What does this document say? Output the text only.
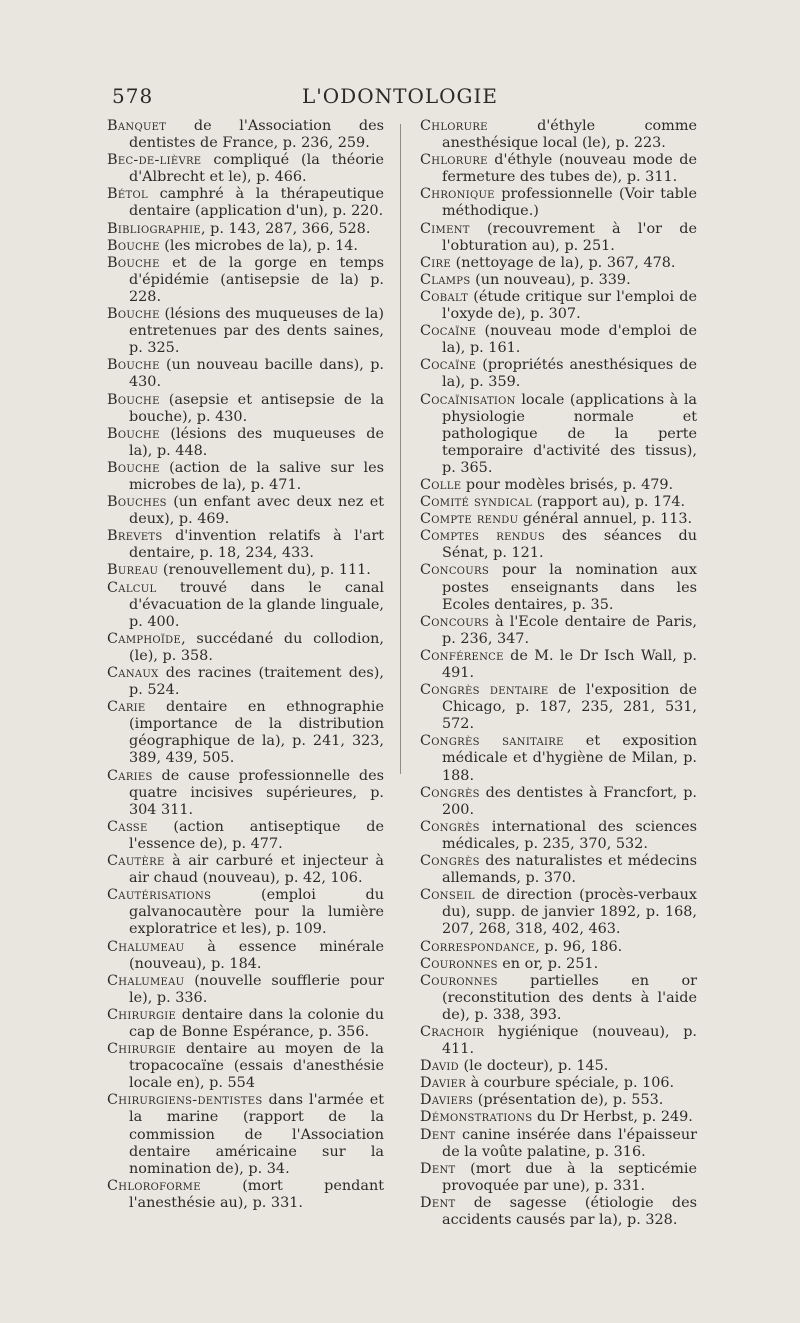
578	L'ODONTOLOGIE
Banquet de l'Association des dentistes de France, p. 236, 259.
Bec-de-lièvre compliqué (la théorie d'Albrecht et le), p. 466.
Bétol camphré à la thérapeutique dentaire (application d'un), p. 220.
Bibliographie, p. 143, 287, 366, 528.
Bouche (les microbes de la), p. 14.
Bouche et de la gorge en temps d'épidémie (antisepsie de la) p. 228.
Bouche (lésions des muqueuses de la) entretenues par des dents saines, p. 325.
Bouche (un nouveau bacille dans), p. 430.
Bouche (asepsie et antisepsie de la bouche), p. 430.
Bouche (lésions des muqueuses de la), p. 448.
Bouche (action de la salive sur les microbes de la), p. 471.
Bouches (un enfant avec deux nez et deux), p. 469.
Brevets d'invention relatifs à l'art dentaire, p. 18, 234, 433.
Bureau (renouvellement du), p. 111.
Calcul trouvé dans le canal d'évacuation de la glande linguale, p. 400.
Camphoïde, succédané du collodion, (le), p. 358.
Canaux des racines (traitement des), p. 524.
Carie dentaire en ethnographie (importance de la distribution géographique de la), p. 241, 323, 389, 439, 505.
Caries de cause professionnelle des quatre incisives supérieures, p. 304 311.
Casse (action antiseptique de l'essence de), p. 477.
Cautère à air carburé et injecteur à air chaud (nouveau), p. 42, 106.
Cautérisations (emploi du galvanocautère pour la lumière exploratrice et les), p. 109.
Chalumeau à essence minérale (nouveau), p. 184.
Chalumeau (nouvelle soufflerie pour le), p. 336.
Chirurgie dentaire dans la colonie du cap de Bonne Espérance, p. 356.
Chirurgie dentaire au moyen de la tropacocaïne (essais d'anesthésie locale en), p. 554
Chirurgiens-dentistes dans l'armée et la marine (rapport de la commission de l'Association dentaire américaine sur la nomination de), p. 34.
Chloroforme (mort pendant l'anesthésie au), p. 331.
Chlorure d'éthyle comme anesthésique local (le), p. 223.
Chlorure d'éthyle (nouveau mode de fermeture des tubes de), p. 311.
Chronique professionnelle (Voir table méthodique.)
Ciment (recouvrement à l'or de l'obturation au), p. 251.
Cire (nettoyage de la), p. 367, 478.
Clamps (un nouveau), p. 339.
Cobalt (étude critique sur l'emploi de l'oxyde de), p. 307.
Cocaïne (nouveau mode d'emploi de la), p. 161.
Cocaïne (propriétés anesthésiques de la), p. 359.
Cocaïnisation locale (applications à la physiologie normale et pathologique de la perte temporaire d'activité des tissus), p. 365.
Colle pour modèles brisés, p. 479.
Comité syndical (rapport au), p. 174.
Compte rendu général annuel, p. 113.
Comptes rendus des séances du Sénat, p. 121.
Concours pour la nomination aux postes enseignants dans les Ecoles dentaires, p. 35.
Concours à l'Ecole dentaire de Paris, p. 236, 347.
Conférence de M. le Dr Isch Wall, p. 491.
Congrès dentaire de l'exposition de Chicago, p. 187, 235, 281, 531, 572.
Congrès sanitaire et exposition médicale et d'hygiène de Milan, p. 188.
Congrès des dentistes à Francfort, p. 200.
Congrès international des sciences médicales, p. 235, 370, 532.
Congrès des naturalistes et médecins allemands, p. 370.
Conseil de direction (procès-verbaux du), supp. de janvier 1892, p. 168, 207, 268, 318, 402, 463.
Correspondance, p. 96, 186.
Couronnes en or, p. 251.
Couronnes partielles en or (reconstitution des dents à l'aide de), p. 338, 393.
Crachoir hygiénique (nouveau), p. 411.
David (le docteur), p. 145.
Davier à courbure spéciale, p. 106.
Daviers (présentation de), p. 553.
Démonstrations du Dr Herbst, p. 249.
Dent canine insérée dans l'épaisseur de la voûte palatine, p. 316.
Dent (mort due à la septicémie provoquée par une), p. 331.
Dent de sagesse (étiologie des accidents causés par la), p. 328.
